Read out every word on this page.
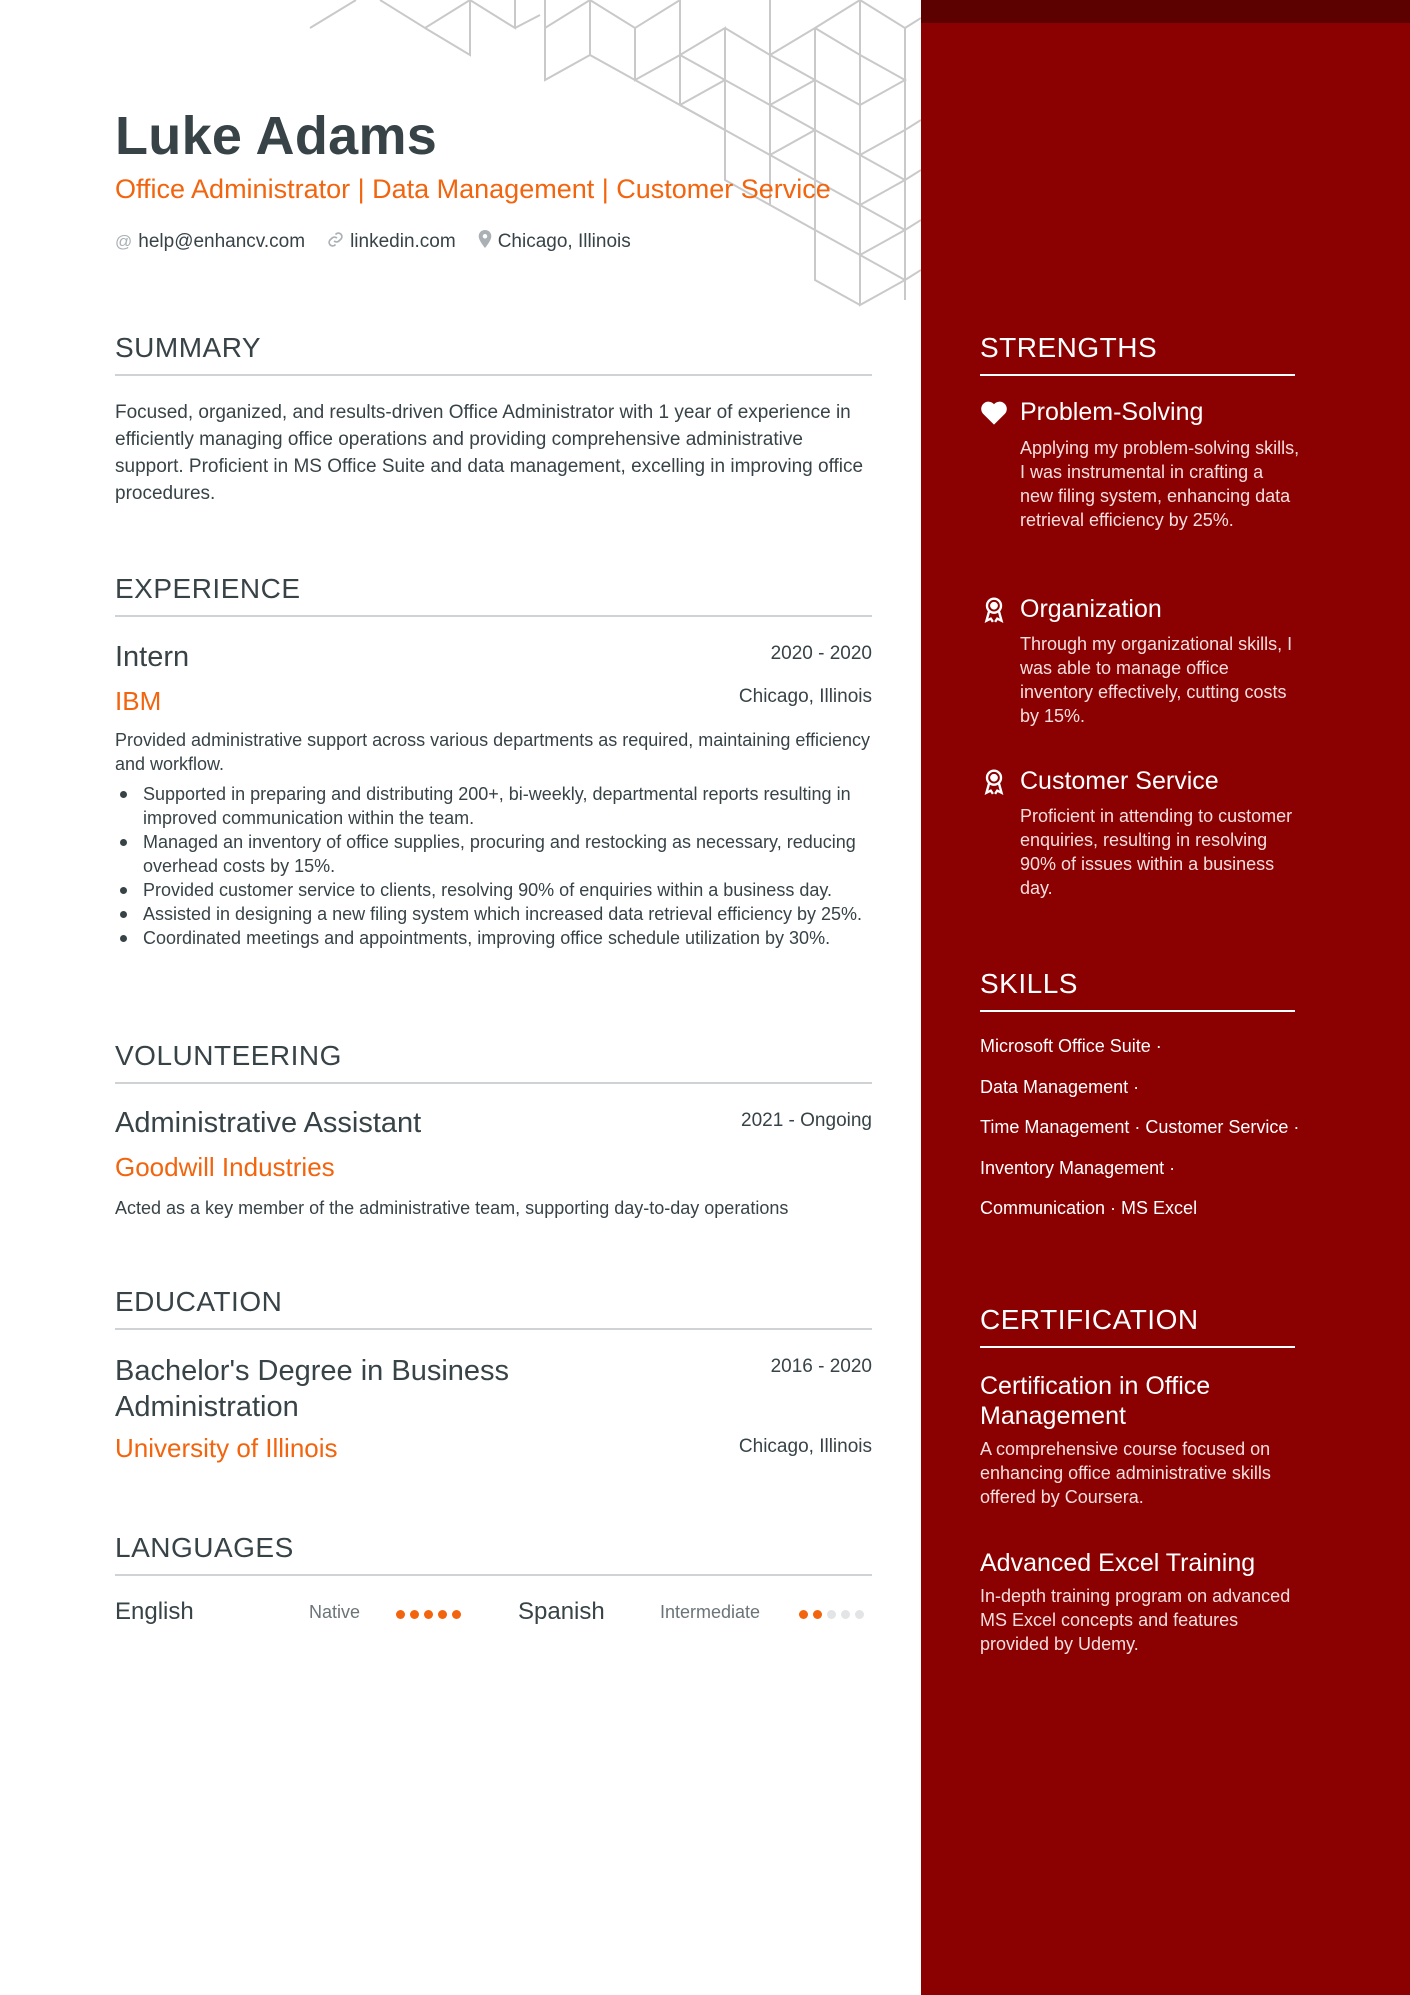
Luke Adams
Office Administrator | Data Management | Customer Service
@ help@enhancv.com linkedin.com Chicago, Illinois
SUMMARY
Focused, organized, and results-driven Office Administrator with 1 year of experience in efficiently managing office operations and providing comprehensive administrative support. Proficient in MS Office Suite and data management, excelling in improving office procedures.
EXPERIENCE
Intern	2020 - 2020
IBM	Chicago, Illinois
Provided administrative support across various departments as required, maintaining efficiency and workflow.
Supported in preparing and distributing 200+, bi-weekly, departmental reports resulting in improved communication within the team.
Managed an inventory of office supplies, procuring and restocking as necessary, reducing overhead costs by 15%.
Provided customer service to clients, resolving 90% of enquiries within a business day.
Assisted in designing a new filing system which increased data retrieval efficiency by 25%.
Coordinated meetings and appointments, improving office schedule utilization by 30%.
VOLUNTEERING
Administrative Assistant	2021 - Ongoing
Goodwill Industries
Acted as a key member of the administrative team, supporting day-to-day operations
EDUCATION
Bachelor's Degree in Business
Administration
2016 - 2020
University of Illinois	Chicago, Illinois
LANGUAGES
English	Native	Spanish	Intermediate
STRENGTHS
Problem-Solving
Applying my problem-solving skills, I was instrumental in crafting a new filing system, enhancing data retrieval efficiency by 25%.
Organization
Through my organizational skills, I was able to manage office inventory effectively, cutting costs by 15%.
Customer Service
Proficient in attending to customer enquiries, resulting in resolving 90% of issues within a business day.
SKILLS
Microsoft Office Suite ·
Data Management ·
Time Management · Customer Service ·
Inventory Management ·
Communication · MS Excel
CERTIFICATION
Certification in Office Management
A comprehensive course focused on enhancing office administrative skills offered by Coursera.
Advanced Excel Training
In-depth training program on advanced MS Excel concepts and features provided by Udemy.
